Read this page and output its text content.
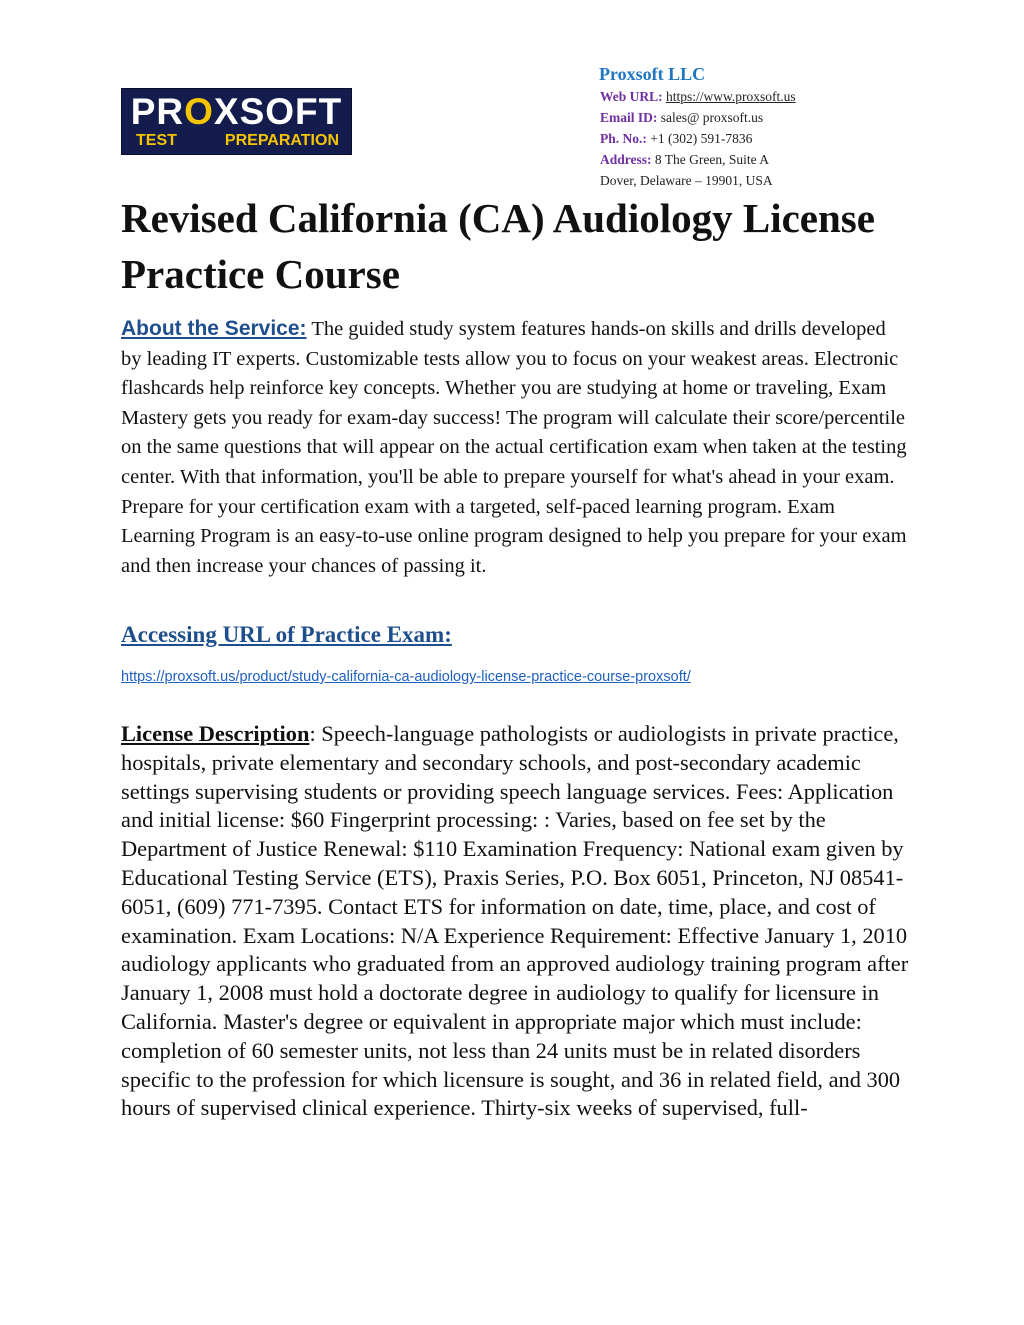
PROXSOFT
TEST	PREPARATION
Proxsoft LLC
Web URL: https://www.proxsoft.us
Email ID: sales@ proxsoft.us
Ph. No.: +1 (302) 591-7836
Address: 8 The Green, Suite A
Dover, Delaware – 19901, USA
Revised California (CA) Audiology License Practice Course

About the Service: The guided study system features hands-on skills and drills developed by leading IT experts. Customizable tests allow you to focus on your weakest areas. Electronic flashcards help reinforce key concepts. Whether you are studying at home or traveling, Exam Mastery gets you ready for exam-day success! The program will calculate their score/percentile on the same questions that will appear on the actual certification exam when taken at the testing center. With that information, you'll be able to prepare yourself for what's ahead in your exam. Prepare for your certification exam with a targeted, self-paced learning program. Exam Learning Program is an easy-to-use online program designed to help you prepare for your exam and then increase your chances of passing it.

Accessing URL of Practice Exam:
https://proxsoft.us/product/study-california-ca-audiology-license-practice-course-proxsoft/

License Description: Speech-language pathologists or audiologists in private practice, hospitals, private elementary and secondary schools, and post-secondary academic settings supervising students or providing speech language services. Fees: Application and initial license: $60 Fingerprint processing: : Varies, based on fee set by the Department of Justice Renewal: $110 Examination Frequency: National exam given by Educational Testing Service (ETS), Praxis Series, P.O. Box 6051, Princeton, NJ 08541-6051, (609) 771-7395. Contact ETS for information on date, time, place, and cost of examination. Exam Locations: N/A Experience Requirement: Effective January 1, 2010 audiology applicants who graduated from an approved audiology training program after January 1, 2008 must hold a doctorate degree in audiology to qualify for licensure in California. Master's degree or equivalent in appropriate major which must include: completion of 60 semester units, not less than 24 units must be in related disorders specific to the profession for which licensure is sought, and 36 in related field, and 300 hours of supervised clinical experience. Thirty-six weeks of supervised, full-
